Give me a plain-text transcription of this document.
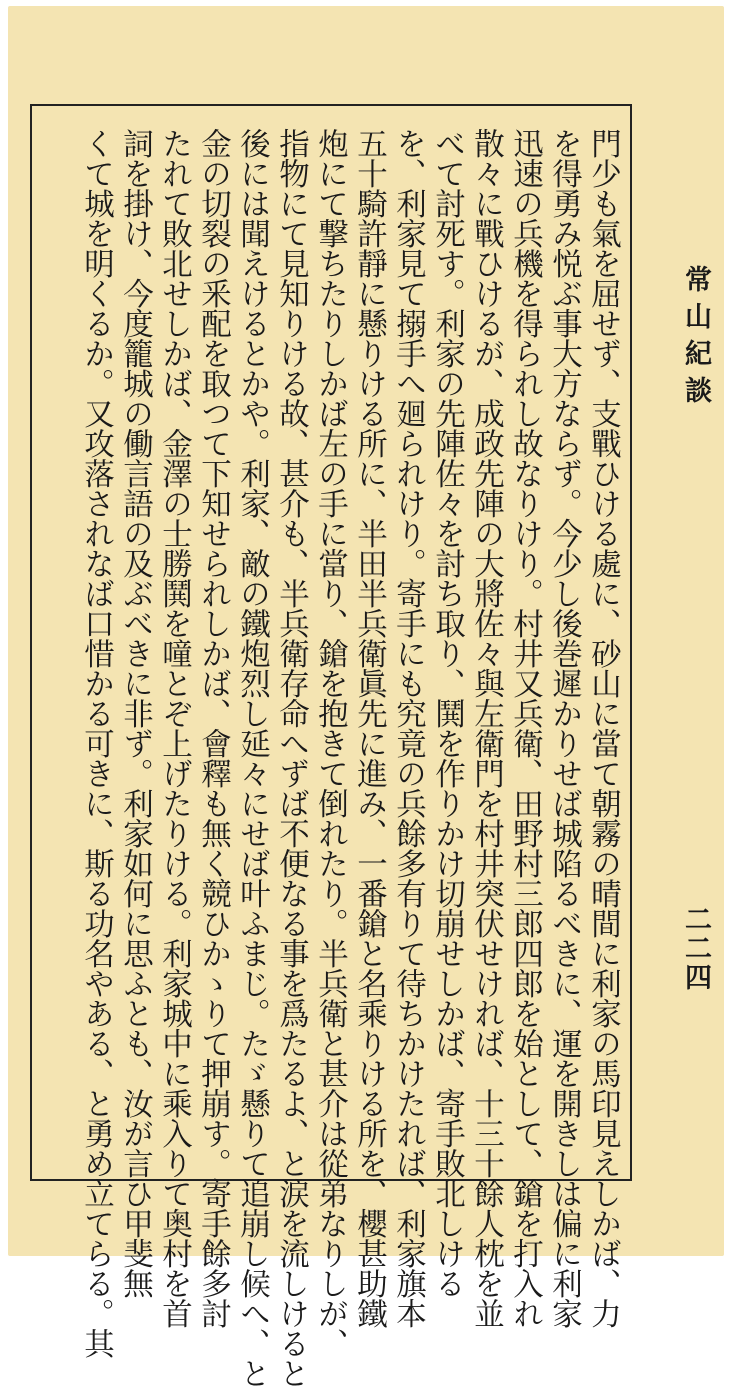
常山紀談
二二四
門少も氣を屈せず、支戰ひける處に、砂山に當て朝霧の晴間に利家の馬印見えしかば、力
を得勇み悦ぶ事大方ならず。今少し後巻遲かりせば城陷るべきに、運を開きしは偏に利家
迅速の兵機を得られし故なりけり。村井又兵衛、田野村三郎四郎を始として、鎗を打入れ
散々に戰ひけるが、成政先陣の大將佐々與左衛門を村井突伏せければ、十三十餘人枕を並
べて討死す。利家の先陣佐々を討ち取り、鬨を作りかけ切崩せしかば、寄手敗北しける
を、利家見て搦手へ廻られけり。寄手にも究竟の兵餘多有りて待ちかけたれば、利家旗本
五十騎許靜に懸りける所に、半田半兵衛眞先に進み、一番鎗と名乘りける所を、櫻甚助鐵
炮にて撃ちたりしかば左の手に當り、鎗を抱きて倒れたり。半兵衛と甚介は從弟なりしが、
指物にて見知りける故、甚介も、半兵衛存命へずば不便なる事を爲たるよ、と涙を流しけると
後には聞えけるとかや。利家、敵の鐵炮烈し延々にせば叶ふまじ。たゞ懸りて追崩し候へ、と
金の切裂の釆配を取つて下知せられしかば、會釋も無く競ひかゝりて押崩す。寄手餘多討
たれて敗北せしかば、金澤の士勝鬨を噇とぞ上げたりける。利家城中に乘入りて奥村を首
詞を掛け、今度籠城の働言語の及ぶべきに非ず。利家如何に思ふとも、汝が言ひ甲斐無
くて城を明くるか。又攻落されなば口惜かる可きに、斯る功名やある、と勇め立てらる。其
